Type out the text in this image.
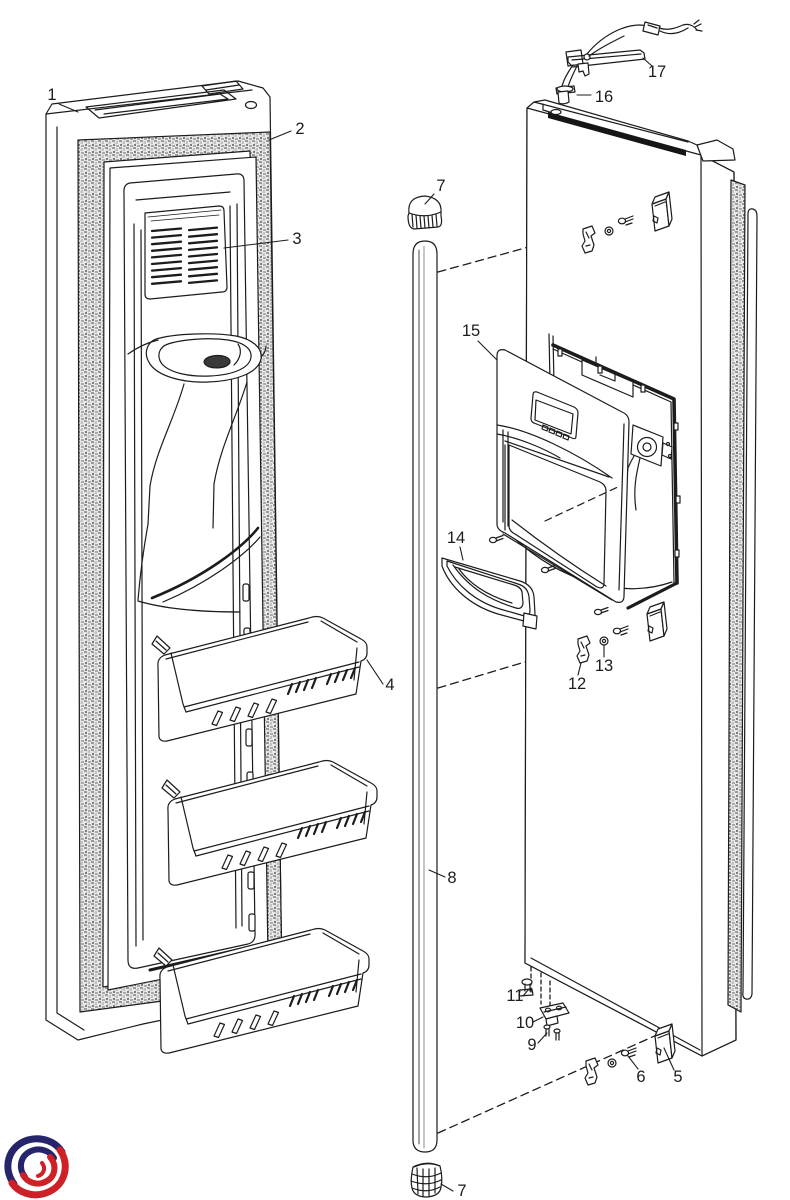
1
2
3
4
5
6
7
7
8
9
10
11
12
13
14
15
16
17
